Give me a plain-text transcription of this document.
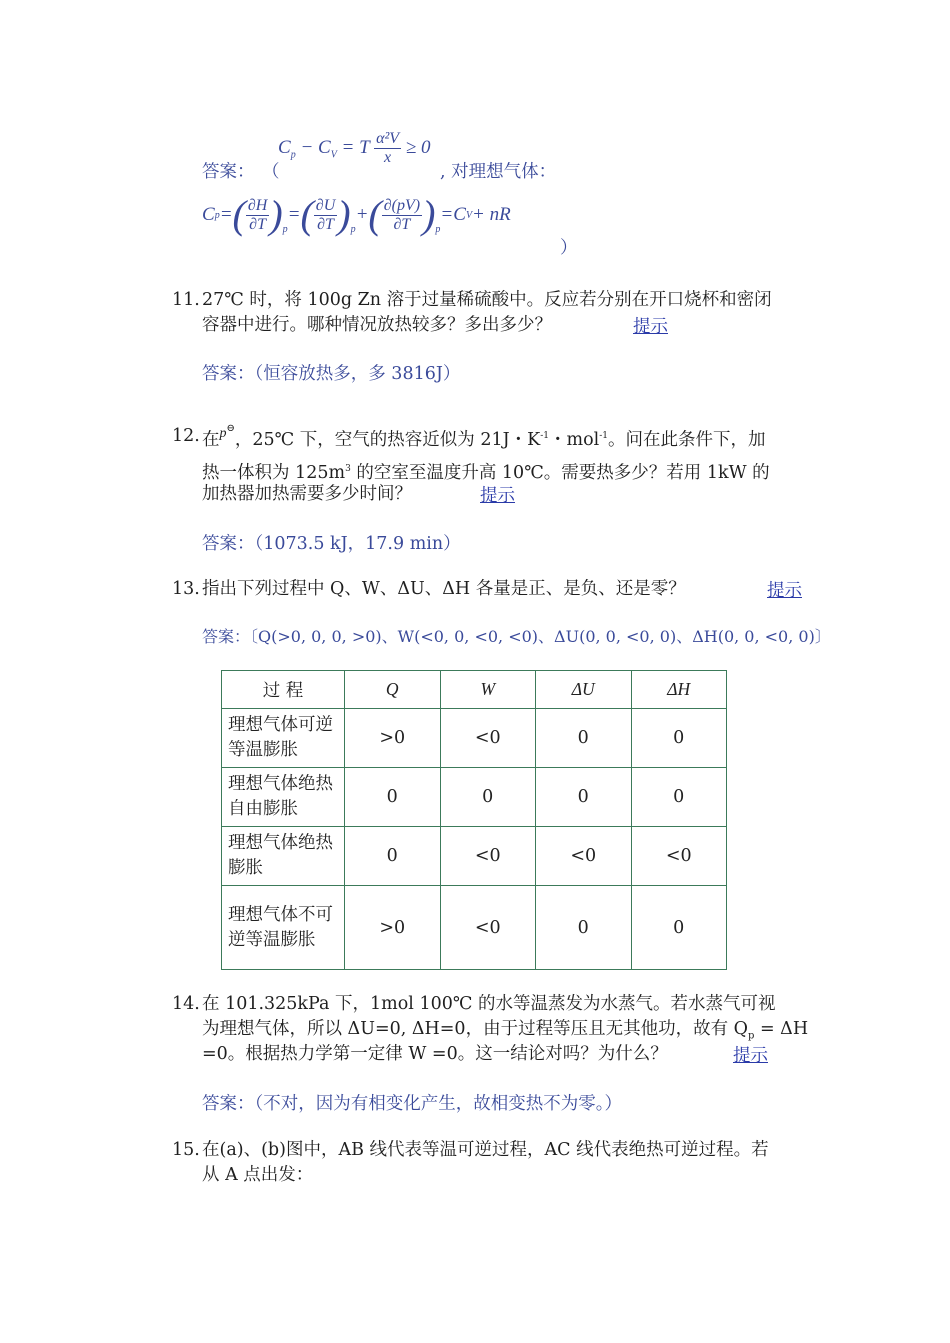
答案： （
$C_p - C_V = T \frac{\text{α²V}}{x} \ge 0$
, 对理想气体：
C p = ( $\frac{\partial H}{\partial T}$ ) p
= ( $\frac{\partial U}{\partial T}$ ) p
+ ( $\frac{\partial(pV)}{\partial T}$ ) p
= C V + nR
）
11. 27℃ 时，将 100g Zn 溶于过量稀硫酸中。反应若分别在开口烧杯和密闭
容器中进行。哪种情况放热较多？多出多少？	提示
答案：（恒容放热多，多 3816J）
12. 在$^{p⊖}$，25℃ 下，空气的热容近似为 21J・$K^{-1}$・mol$^{-1}$。问在此条件下，加
热一体积为 $125m^3$ 的空室至温度升高 10℃。需要热多少？若用 1kW 的
加热器加热需要多少时间？	提示
答案：（1073.5 kJ，17.9 min）
13. 指出下列过程中 Q、W、ΔU、ΔH 各量是正、是负、还是零？	提示
答案：〔Q(>0, 0, 0, >0)、W(<0, 0, <0, <0)、ΔU(0, 0, <0, 0)、ΔH(0, 0, <0, 0)〕
过 程	Q	W	ΔU	ΔH
理想气体可逆等温膨胀	>0	<0	0	0
理想气体绝热自由膨胀	0	0	0	0
理想气体绝热膨胀	0	<0	<0	<0
理想气体不可逆等温膨胀	>0	<0	0	0
14. 在 101.325kPa 下，1mol 100℃ 的水等温蒸发为水蒸气。若水蒸气可视
为理想气体，所以 ΔU=0, ΔH=0，由于过程等压且无其他功，故有 $Q_p = \Delta H$
=0。根据热力学第一定律 W =0。这一结论对吗？为什么？	提示
答案：（不对，因为有相变化产生，故相变热不为零。）
15. 在(a)、(b)图中，AB 线代表等温可逆过程，AC 线代表绝热可逆过程。若
从 A 点出发：
